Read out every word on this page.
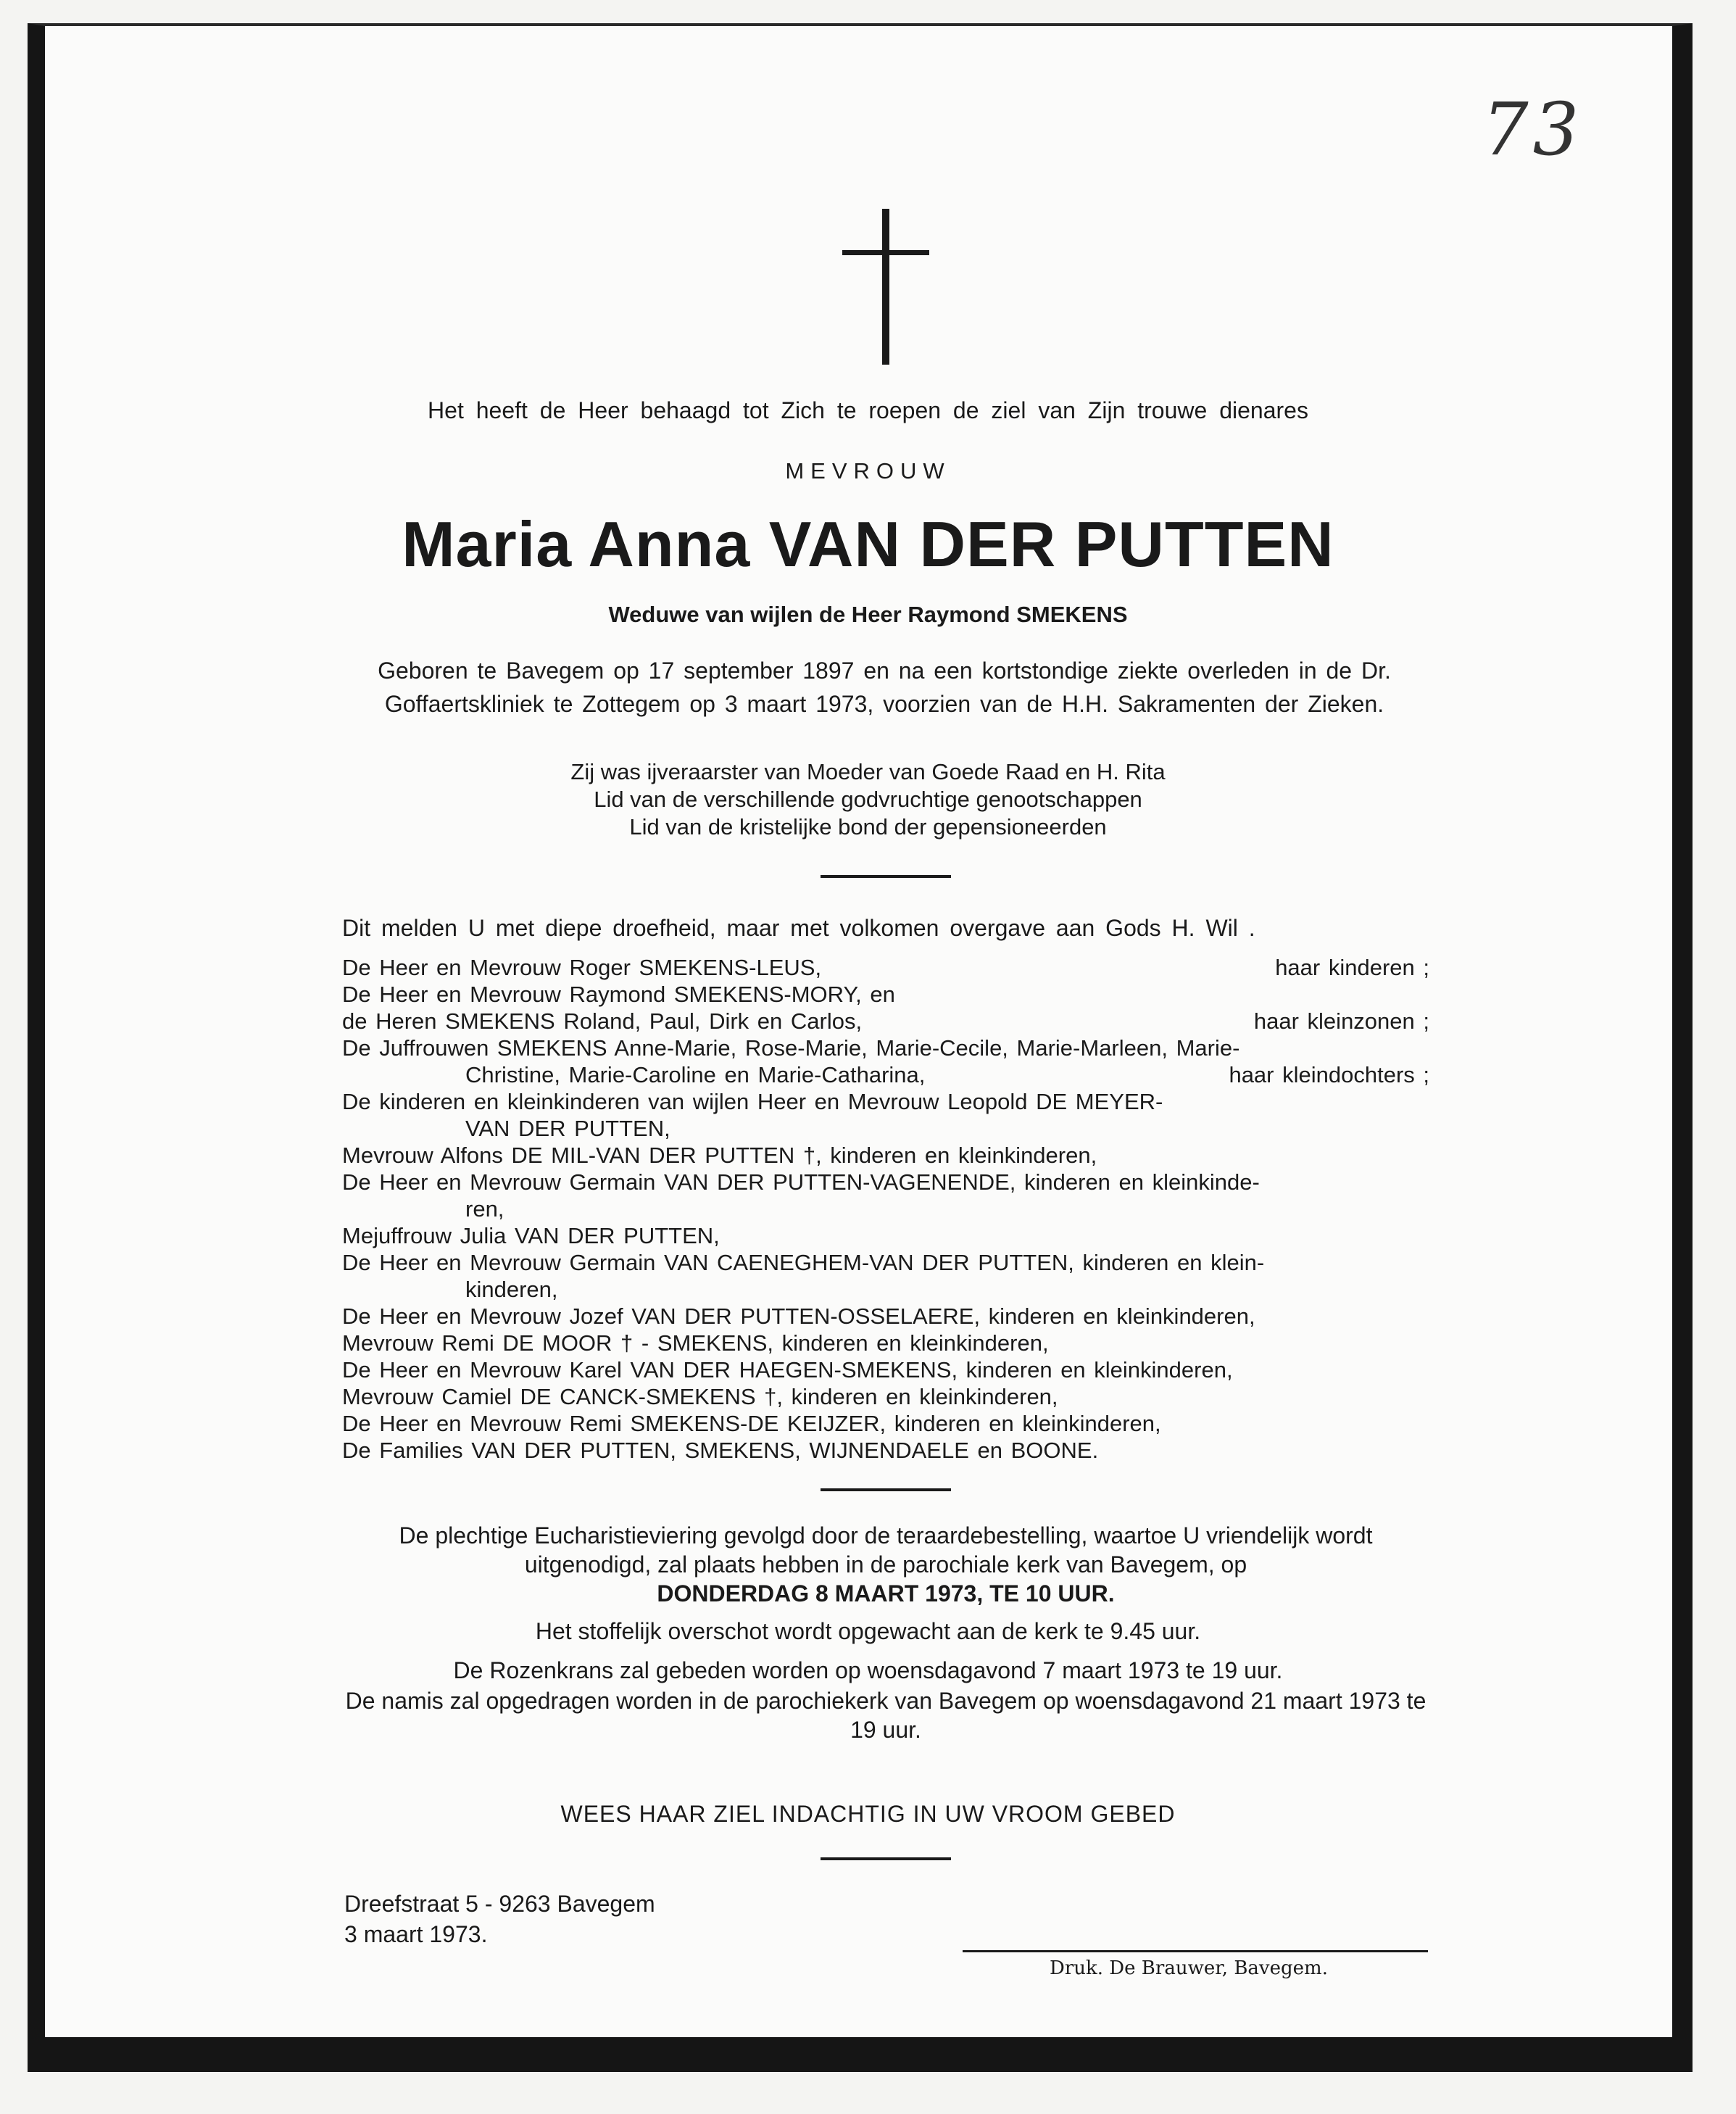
73
Het heeft de Heer behaagd tot Zich te roepen de ziel van Zijn trouwe dienares
MEVROUW
Maria Anna VAN DER PUTTEN
Weduwe van wijlen de Heer Raymond SMEKENS
Geboren te Bavegem op 17 september 1897 en na een kortstondige ziekte overleden in de Dr. Goffaertskliniek te Zottegem op 3 maart 1973, voorzien van de H.H. Sakramenten der Zieken.
Zij was ijveraarster van Moeder van Goede Raad en H. Rita
Lid van de verschillende godvruchtige genootschappen
Lid van de kristelijke bond der gepensioneerden
Dit melden U met diepe droefheid, maar met volkomen overgave aan Gods H. Wil .
De Heer en Mevrouw Roger SMEKENS-LEUS,	haar kinderen ;
De Heer en Mevrouw Raymond SMEKENS-MORY, en
de Heren SMEKENS Roland, Paul, Dirk en Carlos,	haar kleinzonen ;
De Juffrouwen SMEKENS Anne-Marie, Rose-Marie, Marie-Cecile, Marie-Marleen, Marie-
Christine, Marie-Caroline en Marie-Catharina,	haar kleindochters ;
De kinderen en kleinkinderen van wijlen Heer en Mevrouw Leopold DE MEYER-
VAN DER PUTTEN,
Mevrouw Alfons DE MIL-VAN DER PUTTEN †, kinderen en kleinkinderen,
De Heer en Mevrouw Germain VAN DER PUTTEN-VAGENENDE, kinderen en kleinkinde-
ren,
Mejuffrouw Julia VAN DER PUTTEN,
De Heer en Mevrouw Germain VAN CAENEGHEM-VAN DER PUTTEN, kinderen en klein-
kinderen,
De Heer en Mevrouw Jozef VAN DER PUTTEN-OSSELAERE, kinderen en kleinkinderen,
Mevrouw Remi DE MOOR † - SMEKENS, kinderen en kleinkinderen,
De Heer en Mevrouw Karel VAN DER HAEGEN-SMEKENS, kinderen en kleinkinderen,
Mevrouw Camiel DE CANCK-SMEKENS †, kinderen en kleinkinderen,
De Heer en Mevrouw Remi SMEKENS-DE KEIJZER, kinderen en kleinkinderen,
De Families VAN DER PUTTEN, SMEKENS, WIJNENDAELE en BOONE.
De plechtige Eucharistieviering gevolgd door de teraardebestelling, waartoe U vriendelijk wordt uitgenodigd, zal plaats hebben in de parochiale kerk van Bavegem, op
DONDERDAG 8 MAART 1973, TE 10 UUR.
Het stoffelijk overschot wordt opgewacht aan de kerk te 9.45 uur.
De Rozenkrans zal gebeden worden op woensdagavond 7 maart 1973 te 19 uur.
De namis zal opgedragen worden in de parochiekerk van Bavegem op woensdagavond 21 maart 1973 te 19 uur.
WEES HAAR ZIEL INDACHTIG IN UW VROOM GEBED
Dreefstraat 5 - 9263 Bavegem
3 maart 1973.
Druk. De Brauwer, Bavegem.
